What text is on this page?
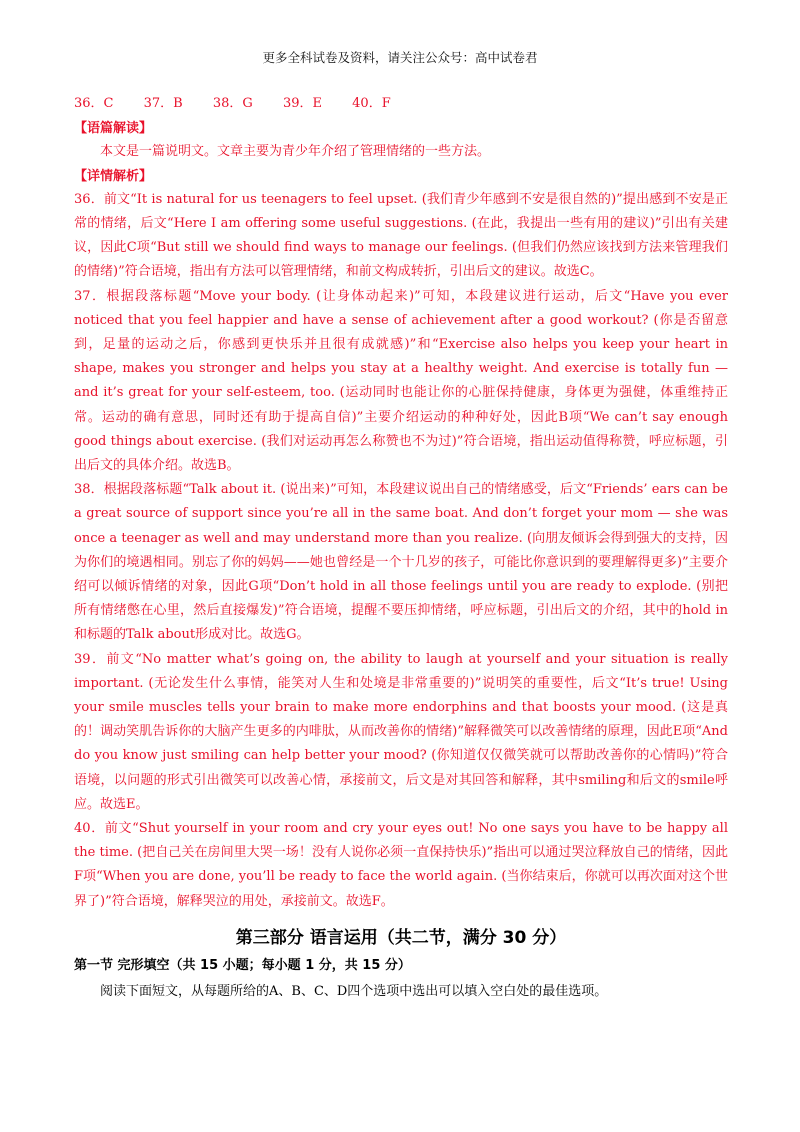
更多全科试卷及资料，请关注公众号：高中试卷君
36．C 37．B 38．G 39．E 40．F
【语篇解读】
本文是一篇说明文。文章主要为青少年介绍了管理情绪的一些方法。
【详情解析】
36．前文“It is natural for us teenagers to feel upset. (我们青少年感到不安是很自然的)”提出感到不安是正常的情绪，后文“Here I am offering some useful suggestions. (在此，我提出一些有用的建议)”引出有关建议，因此C项“But still we should find ways to manage our feelings. (但我们仍然应该找到方法来管理我们的情绪)”符合语境，指出有方法可以管理情绪，和前文构成转折，引出后文的建议。故选C。
37．根据段落标题“Move your body. (让身体动起来)”可知，本段建议进行运动，后文“Have you ever noticed that you feel happier and have a sense of achievement after a good workout? (你是否留意到，足量的运动之后，你感到更快乐并且很有成就感)”和“Exercise also helps you keep your heart in shape, makes you stronger and helps you stay at a healthy weight. And exercise is totally fun — and it’s great for your self-esteem, too. (运动同时也能让你的心脏保持健康，身体更为强健，体重维持正常。运动的确有意思，同时还有助于提高自信)”主要介绍运动的种种好处，因此B项“We can’t say enough good things about exercise. (我们对运动再怎么称赞也不为过)”符合语境，指出运动值得称赞，呼应标题，引出后文的具体介绍。故选B。
38．根据段落标题“Talk about it. (说出来)”可知，本段建议说出自己的情绪感受，后文“Friends’ ears can be a great source of support since you’re all in the same boat. And don’t forget your mom — she was once a teenager as well and may understand more than you realize. (向朋友倾诉会得到强大的支持，因为你们的境遇相同。别忘了你的妈妈——她也曾经是一个十几岁的孩子，可能比你意识到的要理解得更多)”主要介绍可以倾诉情绪的对象，因此G项“Don’t hold in all those feelings until you are ready to explode. (别把所有情绪憋在心里，然后直接爆发)”符合语境，提醒不要压抑情绪，呼应标题，引出后文的介绍，其中的hold in和标题的Talk about形成对比。故选G。
39．前文“No matter what’s going on, the ability to laugh at yourself and your situation is really important. (无论发生什么事情，能笑对人生和处境是非常重要的)”说明笑的重要性，后文“It’s true! Using your smile muscles tells your brain to make more endorphins and that boosts your mood. (这是真的！调动笑肌告诉你的大脑产生更多的内啡肽，从而改善你的情绪)”解释微笑可以改善情绪的原理，因此E项“And do you know just smiling can help better your mood? (你知道仅仅微笑就可以帮助改善你的心情吗)”符合语境，以问题的形式引出微笑可以改善心情，承接前文，后文是对其回答和解释，其中smiling和后文的smile呼应。故选E。
40．前文“Shut yourself in your room and cry your eyes out! No one says you have to be happy all the time. (把自己关在房间里大哭一场！没有人说你必须一直保持快乐)”指出可以通过哭泣释放自己的情绪，因此F项“When you are done, you’ll be ready to face the world again. (当你结束后，你就可以再次面对这个世界了)”符合语境，解释哭泣的用处，承接前文。故选F。
第三部分 语言运用（共二节，满分 30 分）
第一节 完形填空（共 15 小题；每小题 1 分，共 15 分）
阅读下面短文，从每题所给的A、B、C、D四个选项中选出可以填入空白处的最佳选项。
